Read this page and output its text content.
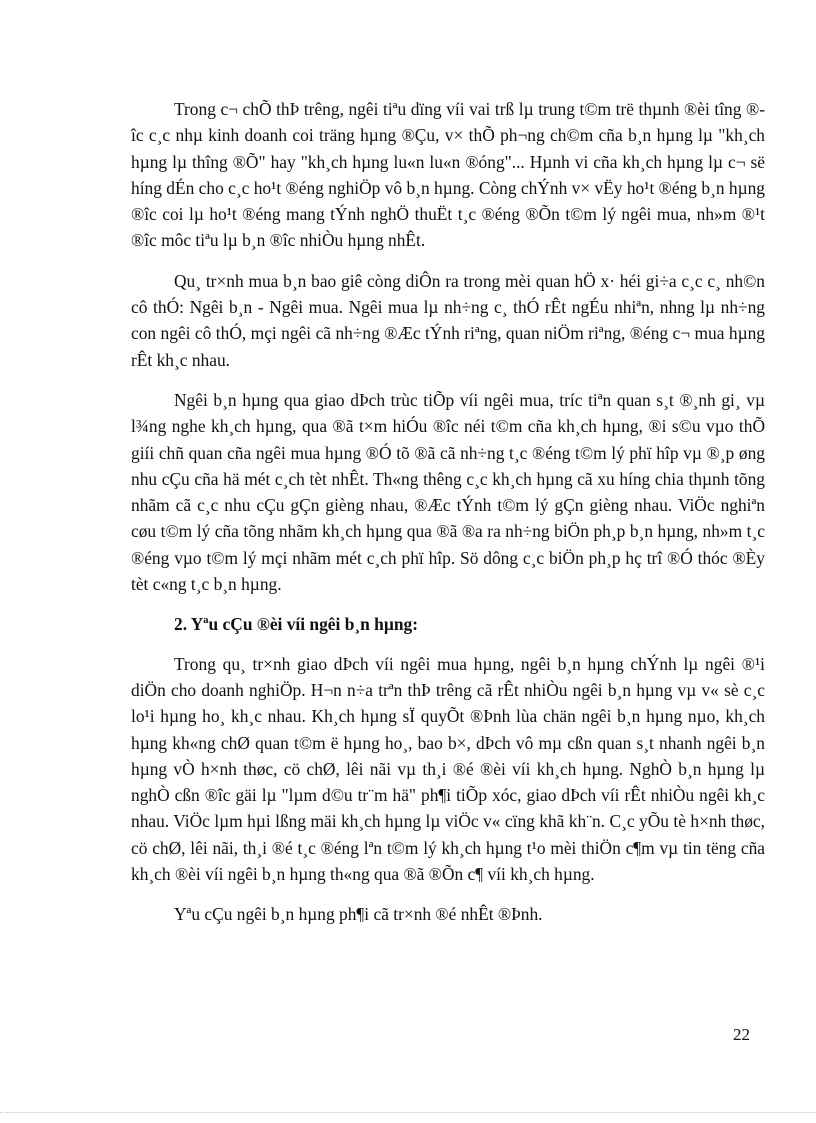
Trong c¬ chÕ thÞ trêng, ngêi tiªu dïng víi vai trß lµ trung t©m trë thµnh ®èi tîng ®îc c¸c nhµ kinh doanh coi träng hµng ®Çu, v× thÕ ph¬ng ch©m cña b¸n hµng lµ "kh¸ch hµng lµ thîng ®Õ" hay "kh¸ch hµng lu«n lu«n ®óng"... Hµnh vi cña kh¸ch hµng lµ c¬ së híng dÉn cho c¸c ho¹t ®éng nghiÖp vô b¸n hµng. Còng chÝnh v× vËy ho¹t ®éng b¸n hµng ®îc coi lµ ho¹t ®éng mang tÝnh nghÖ thuËt t¸c ®éng ®Õn t©m lý ngêi mua, nh»m ®¹t ®îc môc tiªu lµ b¸n ®îc nhiÒu hµng nhÊt.

Qu¸ tr×nh mua b¸n bao giê còng diÔn ra trong mèi quan hÖ x· héi gi÷a c¸c c¸ nh©n cô thÓ: Ngêi b¸n - Ngêi mua. Ngêi mua lµ nh÷ng c¸ thÓ rÊt ngÉu nhiªn, nhng lµ nh÷ng con ngêi cô thÓ, mçi ngêi cã nh÷ng ®Æc tÝnh riªng, quan niÖm riªng, ®éng c¬ mua hµng rÊt kh¸c nhau.

Ngêi b¸n hµng qua giao dÞch trùc tiÕp víi ngêi mua, tríc tiªn quan s¸t ®¸nh gi¸ vµ l¾ng nghe kh¸ch hµng, qua ®ã t×m hiÓu ®îc néi t©m cña kh¸ch hµng, ®i s©u vµo thÕ giíi chñ quan cña ngêi mua hµng ®Ó tõ ®ã cã nh÷ng t¸c ®éng t©m lý phï hîp vµ ®¸p øng nhu cÇu cña hä mét c¸ch tèt nhÊt. Th«ng thêng c¸c kh¸ch hµng cã xu híng chia thµnh tõng nhãm cã c¸c nhu cÇu gÇn gièng nhau, ®Æc tÝnh t©m lý gÇn gièng nhau. ViÖc nghiªn cøu t©m lý cña tõng nhãm kh¸ch hµng qua ®ã ®a ra nh÷ng biÖn ph¸p b¸n hµng, nh»m t¸c ®éng vµo t©m lý mçi nhãm mét c¸ch phï hîp. Sö dông c¸c biÖn ph¸p hç trî ®Ó thóc ®Èy tèt c«ng t¸c b¸n hµng.

2. Yªu cÇu ®èi víi ngêi b¸n hµng:

Trong qu¸ tr×nh giao dÞch víi ngêi mua hµng, ngêi b¸n hµng chÝnh lµ ngêi ®¹i diÖn cho doanh nghiÖp. H¬n n÷a trªn thÞ trêng cã rÊt nhiÒu ngêi b¸n hµng vµ v« sè c¸c lo¹i hµng ho¸ kh¸c nhau. Kh¸ch hµng sÏ quyÕt ®Þnh lùa chän ngêi b¸n hµng nµo, kh¸ch hµng kh«ng chØ quan t©m ë hµng ho¸, bao b×, dÞch vô mµ cßn quan s¸t nhanh ngêi b¸n hµng vÒ h×nh thøc, cö chØ, lêi nãi vµ th¸i ®é ®èi víi kh¸ch hµng. NghÒ b¸n hµng lµ nghÒ cßn ®îc gäi lµ "lµm d©u tr¨m hä" ph¶i tiÕp xóc, giao dÞch víi rÊt nhiÒu ngêi kh¸c nhau. ViÖc lµm hµi lßng mäi kh¸ch hµng lµ viÖc v« cïng khã kh¨n. C¸c yÕu tè h×nh thøc, cö chØ, lêi nãi, th¸i ®é t¸c ®éng lªn t©m lý kh¸ch hµng t¹o mèi thiÖn c¶m vµ tin tëng cña kh¸ch ®èi víi ngêi b¸n hµng th«ng qua ®ã ®Õn c¶ víi kh¸ch hµng.

Yªu cÇu ngêi b¸n hµng ph¶i cã tr×nh ®é nhÊt ®Þnh.

22
